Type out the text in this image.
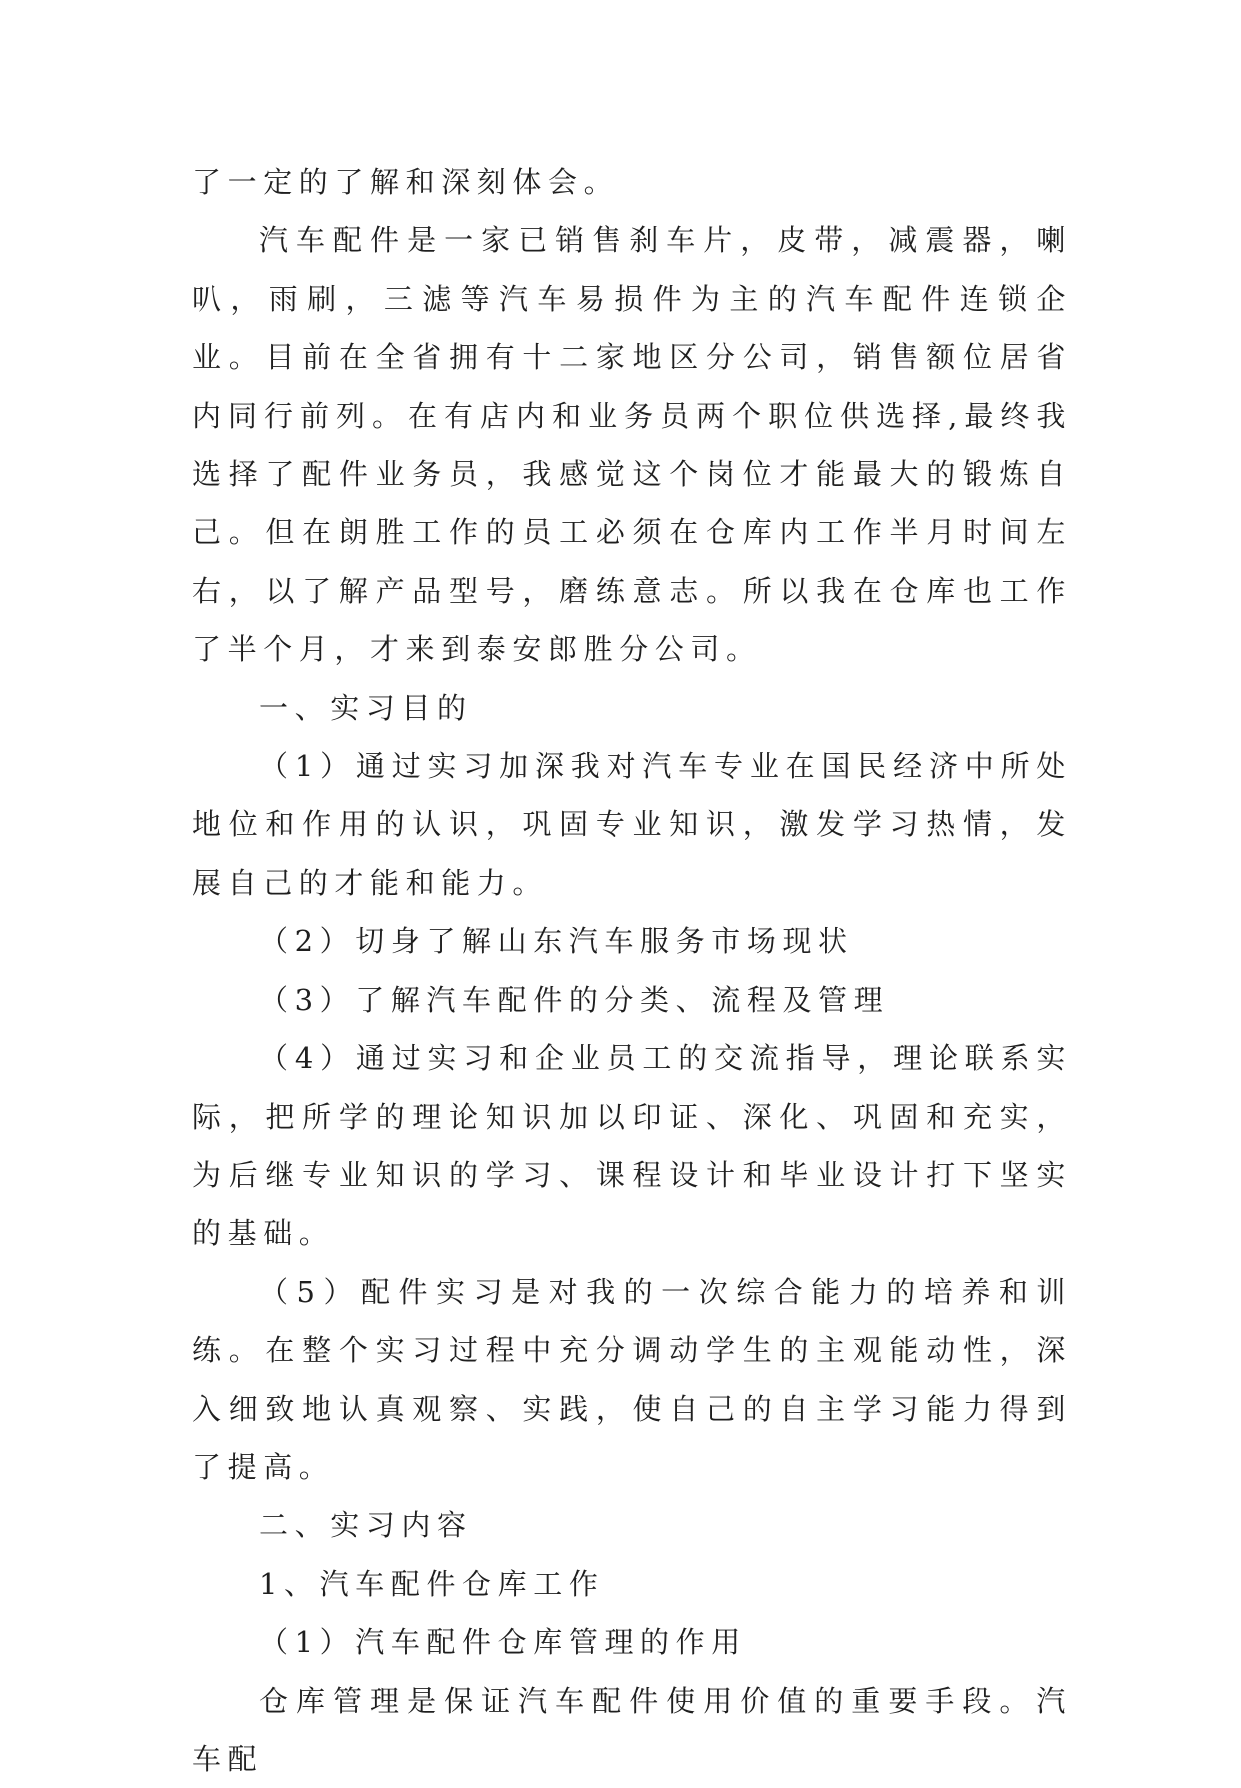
了一定的了解和深刻体会。

汽车配件是一家已销售刹车片，皮带，减震器，喇叭，雨刷，三滤等汽车易损件为主的汽车配件连锁企业。目前在全省拥有十二家地区分公司，销售额位居省内同行前列。在有店内和业务员两个职位供选择,最终我选择了配件业务员，我感觉这个岗位才能最大的锻炼自己。但在朗胜工作的员工必须在仓库内工作半月时间左右，以了解产品型号，磨练意志。所以我在仓库也工作了半个月，才来到泰安郎胜分公司。

一、实习目的

（1）通过实习加深我对汽车专业在国民经济中所处地位和作用的认识，巩固专业知识，激发学习热情，发展自己的才能和能力。

（2）切身了解山东汽车服务市场现状

（3）了解汽车配件的分类、流程及管理

（4）通过实习和企业员工的交流指导，理论联系实际，把所学的理论知识加以印证、深化、巩固和充实，为后继专业知识的学习、课程设计和毕业设计打下坚实的基础。

（5）配件实习是对我的一次综合能力的培养和训练。在整个实习过程中充分调动学生的主观能动性，深入细致地认真观察、实践，使自己的自主学习能力得到了提高。

二、实习内容

1、汽车配件仓库工作

（1）汽车配件仓库管理的作用

仓库管理是保证汽车配件使用价值的重要手段。汽车配
